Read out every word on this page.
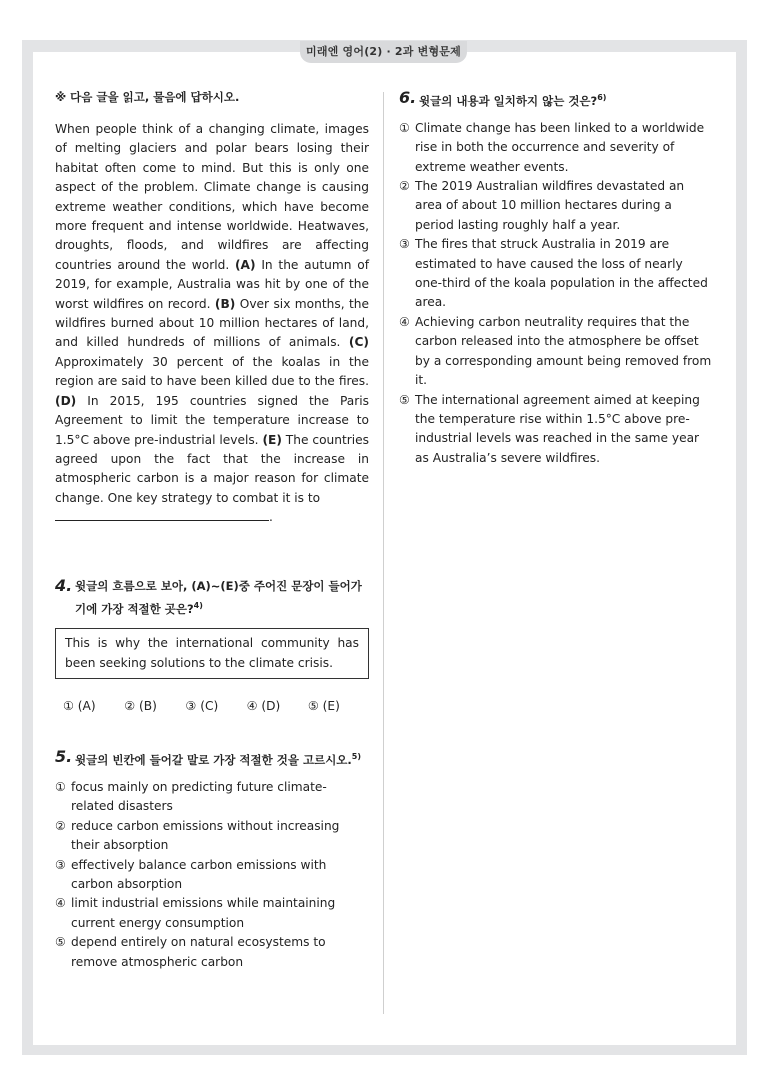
미래엔 영어(2) · 2과 변형문제
※ 다음 글을 읽고, 물음에 답하시오.

When people think of a changing climate, images of melting glaciers and polar bears losing their habitat often come to mind. But this is only one aspect of the problem. Climate change is causing extreme weather conditions, which have become more frequent and intense worldwide. Heatwaves, droughts, floods, and wildfires are affecting countries around the world. (A) In the autumn of 2019, for example, Australia was hit by one of the worst wildfires on record. (B) Over six months, the wildfires burned about 10 million hectares of land, and killed hundreds of millions of animals. (C) Approximately 30 percent of the koalas in the region are said to have been killed due to the fires. (D) In 2015, 195 countries signed the Paris Agreement to limit the temperature increase to 1.5°C above pre-industrial levels. (E) The countries agreed upon the fact that the increase in atmospheric carbon is a major reason for climate change. One key strategy to combat it is to
.

4. 윗글의 흐름으로 보아, (A)~(E)중 주어진 문장이 들어가기에 가장 적절한 곳은?$^{4)}$
This is why the international community has been seeking solutions to the climate crisis.
① (A)	② (B)	③ (C)	④ (D)	⑤ (E)
5. 윗글의 빈칸에 들어갈 말로 가장 적절한 것을 고르시오.$^{5)}$
① focus mainly on predicting future climate-related disasters
② reduce carbon emissions without increasing their absorption
③ effectively balance carbon emissions with carbon absorption
④ limit industrial emissions while maintaining current energy consumption
⑤ depend entirely on natural ecosystems to remove atmospheric carbon
6. 윗글의 내용과 일치하지 않는 것은?$^{6)}$
① Climate change has been linked to a worldwide rise in both the occurrence and severity of extreme weather events.
② The 2019 Australian wildfires devastated an area of about 10 million hectares during a period lasting roughly half a year.
③ The fires that struck Australia in 2019 are estimated to have caused the loss of nearly one-third of the koala population in the affected area.
④ Achieving carbon neutrality requires that the carbon released into the atmosphere be offset by a corresponding amount being removed from it.
⑤ The international agreement aimed at keeping the temperature rise within 1.5°C above pre-industrial levels was reached in the same year as Australia’s severe wildfires.
